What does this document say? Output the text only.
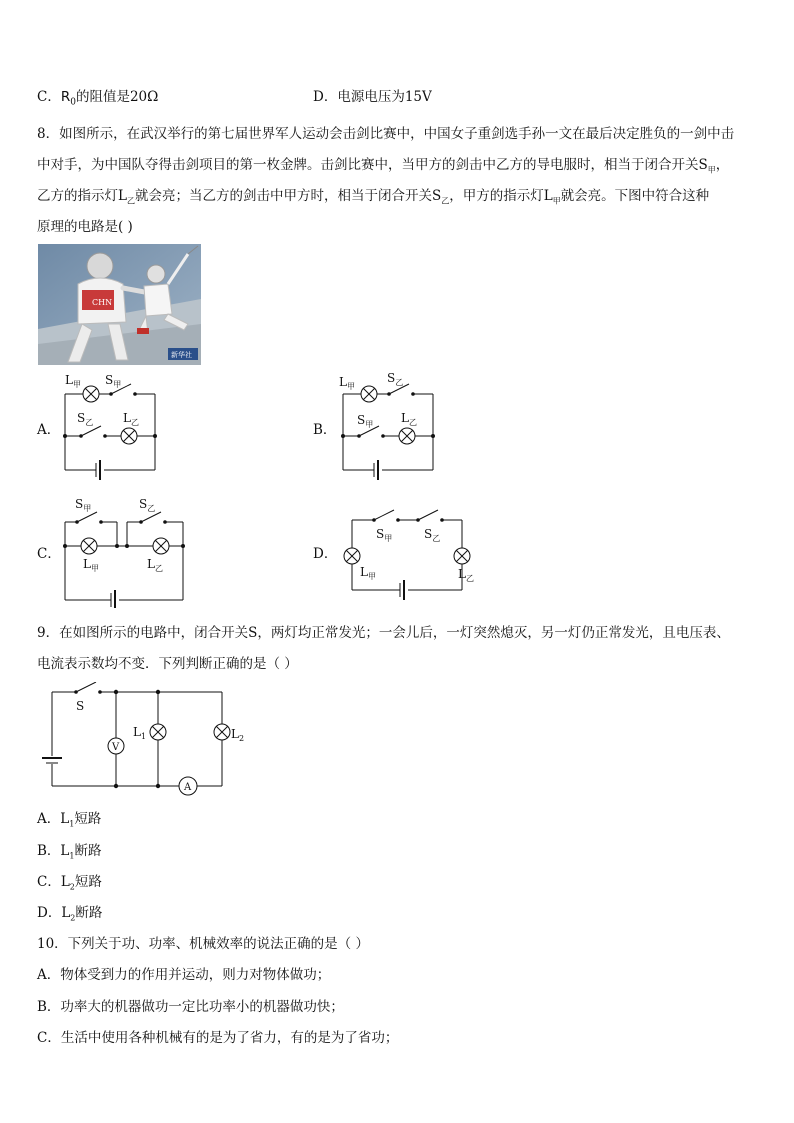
C．$R_0$的阻值是20Ω	D．电源电压为15V
8．如图所示，在武汉举行的第七届世界军人运动会击剑比赛中，中国女子重剑选手孙一文在最后决定胜负的一剑中击
中对手，为中国队夺得击剑项目的第一枚金牌。击剑比赛中，当甲方的剑击中乙方的导电服时，相当于闭合开关$S_甲$，
乙方的指示灯$L_乙$就会亮；当乙方的剑击中甲方时，相当于闭合开关$S_乙$，甲方的指示灯$L_甲$就会亮。下图中符合这种
原理的电路是( )
CHN
新华社
A．
$L_甲$ $S_甲$
$S_乙$ $L_乙$	B．
$L_甲$
$S_乙$
$S_甲$ $L_乙$
C．
$S_甲$	$S_乙$
$L_甲$	$L_乙$
D．
$S_甲$	$S_乙$
$L_甲$	$L_乙$
9．在如图所示的电路中，闭合开关S，两灯均正常发光；一会儿后，一灯突然熄灭，另一灯仍正常发光，且电压表、
电流表示数均不变．下列判断正确的是（ ）
S
V
A
$L_1$	$L_2$
A．$L_1$短路
B．$L_1$断路
C．$L_2$短路
D．$L_2$断路
10．下列关于功、功率、机械效率的说法正确的是（ ）
A．物体受到力的作用并运动，则力对物体做功；
B．功率大的机器做功一定比功率小的机器做功快；
C．生活中使用各种机械有的是为了省力，有的是为了省功；
